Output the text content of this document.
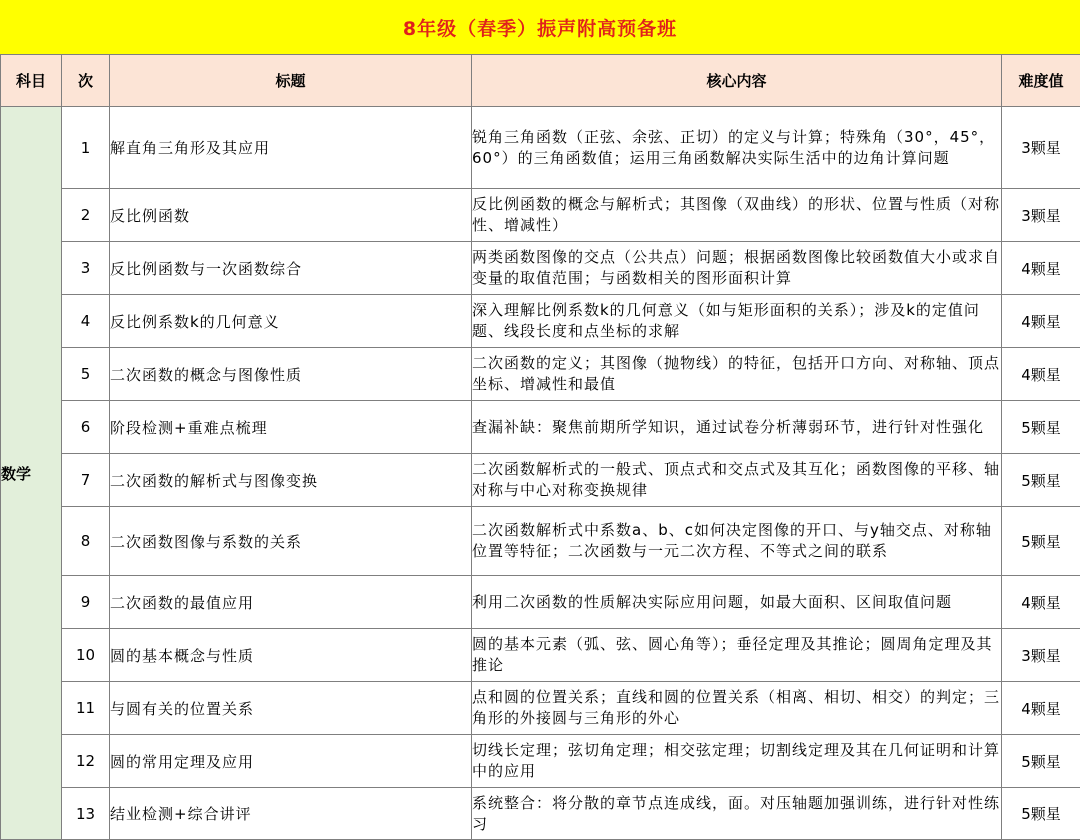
8年级（春季）振声附高预备班
科目	次	标题	核心内容	难度值
数学	1	解直角三角形及其应用	锐角三角函数（正弦、余弦、正切）的定义与计算；特殊角（30°，45°，60°）的三角函数值；运用三角函数解决实际生活中的边角计算问题	3颗星
	2	反比例函数	反比例函数的概念与解析式；其图像（双曲线）的形状、位置与性质（对称性、增减性）	3颗星
	3	反比例函数与一次函数综合	两类函数图像的交点（公共点）问题；根据函数图像比较函数值大小或求自变量的取值范围；与函数相关的图形面积计算	4颗星
	4	反比例系数k的几何意义	深入理解比例系数k的几何意义（如与矩形面积的关系）；涉及k的定值问题、线段长度和点坐标的求解	4颗星
	5	二次函数的概念与图像性质	二次函数的定义；其图像（抛物线）的特征，包括开口方向、对称轴、顶点坐标、增减性和最值	4颗星
	6	阶段检测+重难点梳理	查漏补缺：聚焦前期所学知识，通过试卷分析薄弱环节，进行针对性强化	5颗星
	7	二次函数的解析式与图像变换	二次函数解析式的一般式、顶点式和交点式及其互化；函数图像的平移、轴对称与中心对称变换规律	5颗星
	8	二次函数图像与系数的关系	二次函数解析式中系数a、b、c如何决定图像的开口、与y轴交点、对称轴位置等特征；二次函数与一元二次方程、不等式之间的联系	5颗星
	9	二次函数的最值应用	利用二次函数的性质解决实际应用问题，如最大面积、区间取值问题	4颗星
	10	圆的基本概念与性质	圆的基本元素（弧、弦、圆心角等）；垂径定理及其推论；圆周角定理及其推论	3颗星
	11	与圆有关的位置关系	点和圆的位置关系；直线和圆的位置关系（相离、相切、相交）的判定；三角形的外接圆与三角形的外心	4颗星
	12	圆的常用定理及应用	切线长定理；弦切角定理；相交弦定理；切割线定理及其在几何证明和计算中的应用	5颗星
	13	结业检测+综合讲评	系统整合：将分散的章节点连成线，面。对压轴题加强训练，进行针对性练习	5颗星
